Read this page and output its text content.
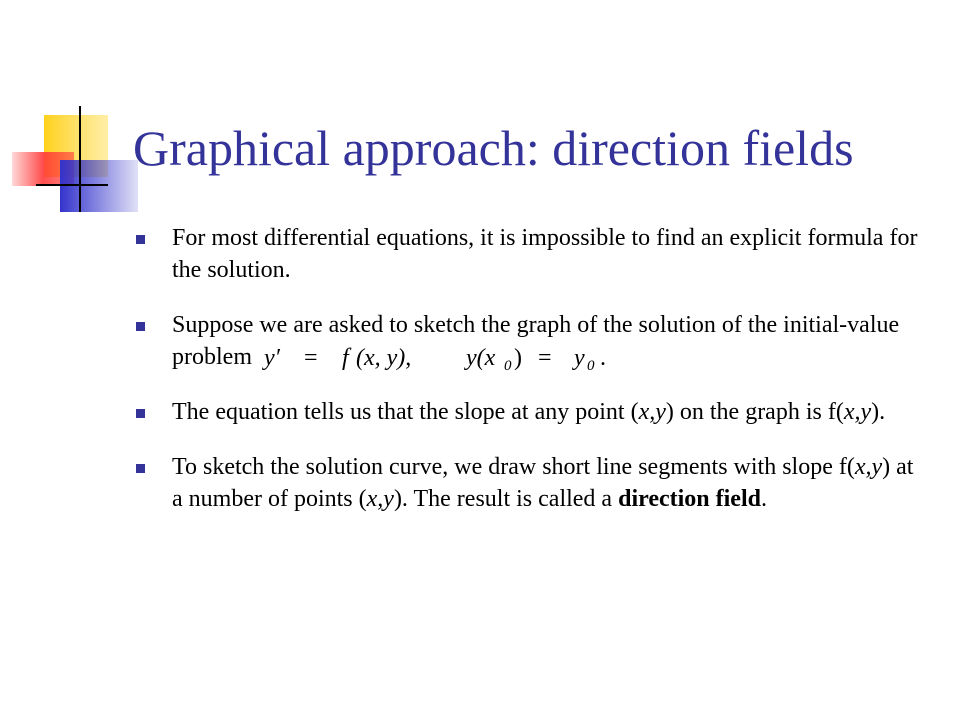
Graphical approach: direction fields
For most differential equations, it is impossible to find an explicit formula for the solution.
Suppose we are asked to sketch the graph of the solution of the initial-value problem y′ = f (x, y), y(x 0 ) = y 0 .
The equation tells us that the slope at any point (x,y) on the graph is f(x,y).
To sketch the solution curve, we draw short line segments with slope f(x,y) at a number of points (x,y). The result is called a direction field.
